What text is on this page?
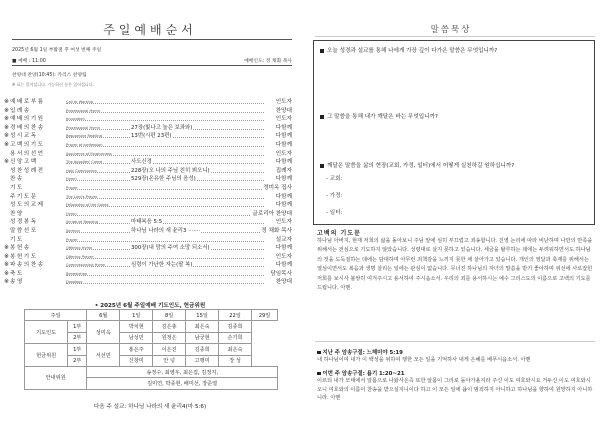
주일예배순서
2025년 6월 1일 부활절 후 여섯 번째 주일
■ 예배 : 11:00	예배인도: 정 채화 목사
찬양대 찬양(10:45): 카리스 찬양팀
※ 표는 일어섭니다. 가능하신 분은 일어섭니다.
※ 예배로부름	Call to Worship	인도자
※ 입례송	Processional Hymn	찬양대
※ 예배의기원	Invocation	인도자
※ 경배의찬송	Processional Hymn	27장(빛나고 높은 보좌와)	다함께
※ 성시교독	Responsive Reading	13번(시편 23편)	다함께
※ 고백의기도	Prayer of confession	다함께
용서의선언	Assurance of Forgiveness	인도자
※ 신앙고백	The Apostles' Creed	사도신경	다함께
성찬성례전	Holy Communion	228장(오 나의 주님 친히 뵈오니)	집례자
찬송	Hymn	529장(온유한 주님의 음성)	다함께
기도	Prayer	정미옥 집사
주기도문	The Lord's Prayer	다함께
성도의교제	Fellowship of the Saints	다함께
찬양	Hymn	글로리아 찬양대
성경봉독	Scripture Reading	마태복음 5:5	인도자
말씀선포	Sermon	하나님 나라의 새 윤리3 ·······	정 채화 목사
기도	Prayer	설교자
※ 봉헌송	Offering Hymn	300장(내 맘의 주여 소망 되소서)	다함께
※ 봉헌기도	Offering Prayer	인도자
※ 파송의찬송	Commissioning Hymn	심령이 가난한 자는(팔 복)	다함께
※ 축도	Benediction	담임목사
※ 송영	Doxology	찬양대
• 2025년 6월 주일예배 기도인도, 헌금위원
주일		6월	1일	8일	15일	22일	29일
기도인도	1부	성미옥	박치현	김은총	최은숙	김종희	
	2부		남성민	원정은	남궁현	손기희	
헌금위원	1부	서선민	홍은주	이은진	김종희	최은숙	
	2부		신창미	안 넝	고행미	장 성	
안내위원		송정수, 최영우, 최은집, 김정지,					
		김미연, 박종현, 배미선, 장준열					
다음 주 설교: 하나님 나라의 새 윤리4(마 5:6)
말씀묵상
오늘 성경과 설교를 통해 나에게 가장 깊이 다가온 말씀은 무엇입니까?
그 말씀을 통해 내가 깨달은 바는 무엇입니까?
깨달은 말씀을 삶의 현장(교회, 가정, 일터)에서 어떻게 실천하길 원하십니까?
- 교회:
- 가정:
- 일터:
고백의 기도문
하나님 아버지, 현재 저희의 삶을 돌아보니 주님 앞에 심히 부끄럽고 죄송합니다. 진영 논리에 따라 비난하며 나만의 만족을 위해서는 전심으로 기도하지 않았습니다. 성령대로 살지 못하고 있습니다. 세금을 탈루하는 데에는 두려워하면서도 하나님의 것을 도둑질하는 데에는 담대하며 아무런 죄책감을 느끼지 못한 채 살아가고 있습니다. 개인의 영달과 축재를 위해서는 열심이면서도 복음과 생명 살리는 일에는 관심이 없습니다. 무너진 하나님의 자녀의 말씀을 받기 좋아하며 위선에 사로잡힌 저희를 보시사 불쌍히 여겨주시고 용서하여 주시옵소서. 우리의 죄를 용서하시는 예수 그리스도의 이름으로 고백의 기도를 드립니다. 아멘.
지난 주 암송구절: 느헤미야 5:19
내 하나님이여 내가 이 백성을 위하여 행한 모든 일을 기억하사 내게 은혜를 베푸시옵소서. 아멘
이번 주 암송구절: 욥기 1:20~21
이르되 내가 모태에서 알몸으로 나왔사온즉 또한 알몸이 그리로 돌아가올지라 주신 이도 여호와시요 거두신 이도 여호와시오니 여호와의 이름이 찬송을 받으실지니이다 하고 이 모든 일에 욥이 범죄하지 아니하고 하나님을 향하여 원망하지 아니하니라. 아멘
